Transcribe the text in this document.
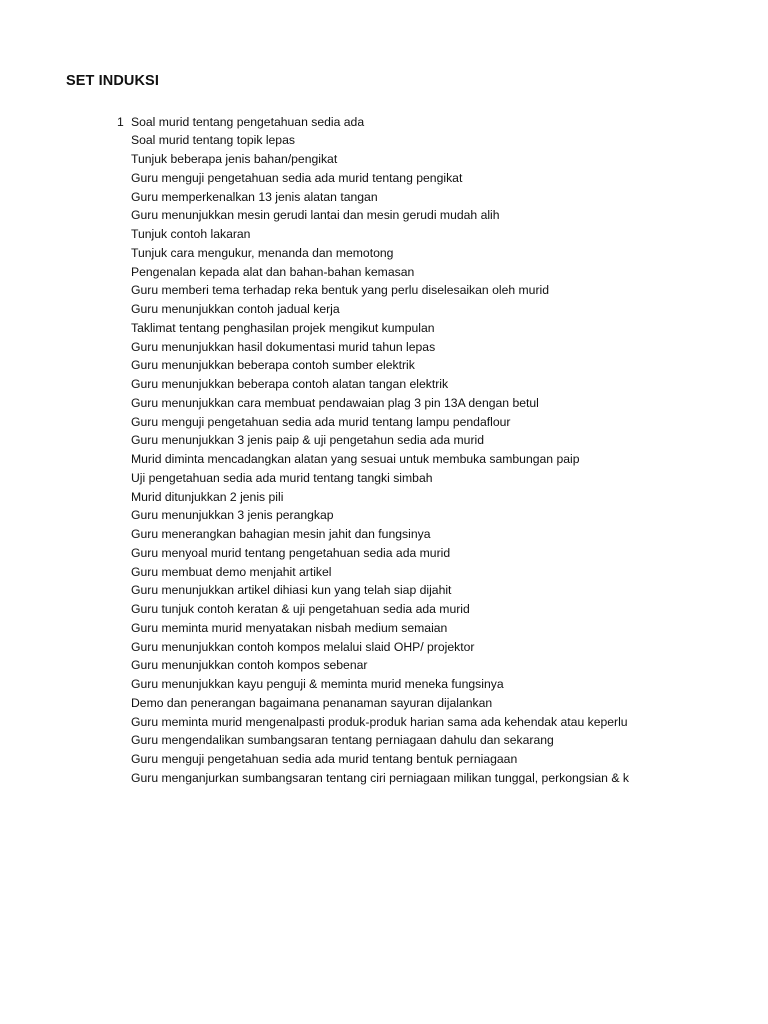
SET INDUKSI
1 Soal murid tentang pengetahuan sedia ada
Soal murid tentang topik lepas
Tunjuk beberapa jenis bahan/pengikat
Guru menguji pengetahuan sedia ada murid tentang pengikat
Guru memperkenalkan 13 jenis alatan tangan
Guru menunjukkan mesin gerudi lantai dan mesin gerudi mudah alih
Tunjuk contoh lakaran
Tunjuk cara mengukur, menanda dan memotong
Pengenalan kepada alat dan bahan-bahan kemasan
Guru memberi tema terhadap reka bentuk yang perlu diselesaikan oleh murid
Guru menunjukkan contoh jadual kerja
Taklimat tentang penghasilan projek mengikut kumpulan
Guru menunjukkan hasil dokumentasi murid tahun lepas
Guru menunjukkan beberapa contoh sumber elektrik
Guru menunjukkan beberapa contoh alatan tangan elektrik
Guru menunjukkan cara membuat pendawaian plag 3 pin 13A dengan betul
Guru menguji pengetahuan sedia ada murid tentang lampu pendaflour
Guru menunjukkan 3 jenis paip & uji pengetahun sedia ada murid
Murid diminta mencadangkan alatan yang sesuai untuk membuka sambungan paip
Uji pengetahuan sedia ada murid tentang tangki simbah
Murid ditunjukkan 2 jenis pili
Guru menunjukkan 3 jenis perangkap
Guru menerangkan bahagian mesin jahit dan fungsinya
Guru menyoal murid tentang pengetahuan sedia ada murid
Guru membuat demo menjahit artikel
Guru menunjukkan artikel dihiasi kun yang telah siap dijahit
Guru tunjuk contoh keratan & uji pengetahuan sedia ada murid
Guru meminta murid menyatakan nisbah medium semaian
Guru menunjukkan contoh kompos melalui slaid OHP/ projektor
Guru menunjukkan contoh kompos sebenar
Guru menunjukkan kayu penguji & meminta murid meneka fungsinya
Demo dan penerangan bagaimana penanaman sayuran dijalankan
Guru meminta murid mengenalpasti produk-produk harian sama ada kehendak atau keperlu
Guru mengendalikan sumbangsaran tentang perniagaan dahulu dan sekarang
Guru menguji pengetahuan sedia ada murid tentang bentuk perniagaan
Guru menganjurkan sumbangsaran tentang ciri perniagaan milikan tunggal, perkongsian & k
